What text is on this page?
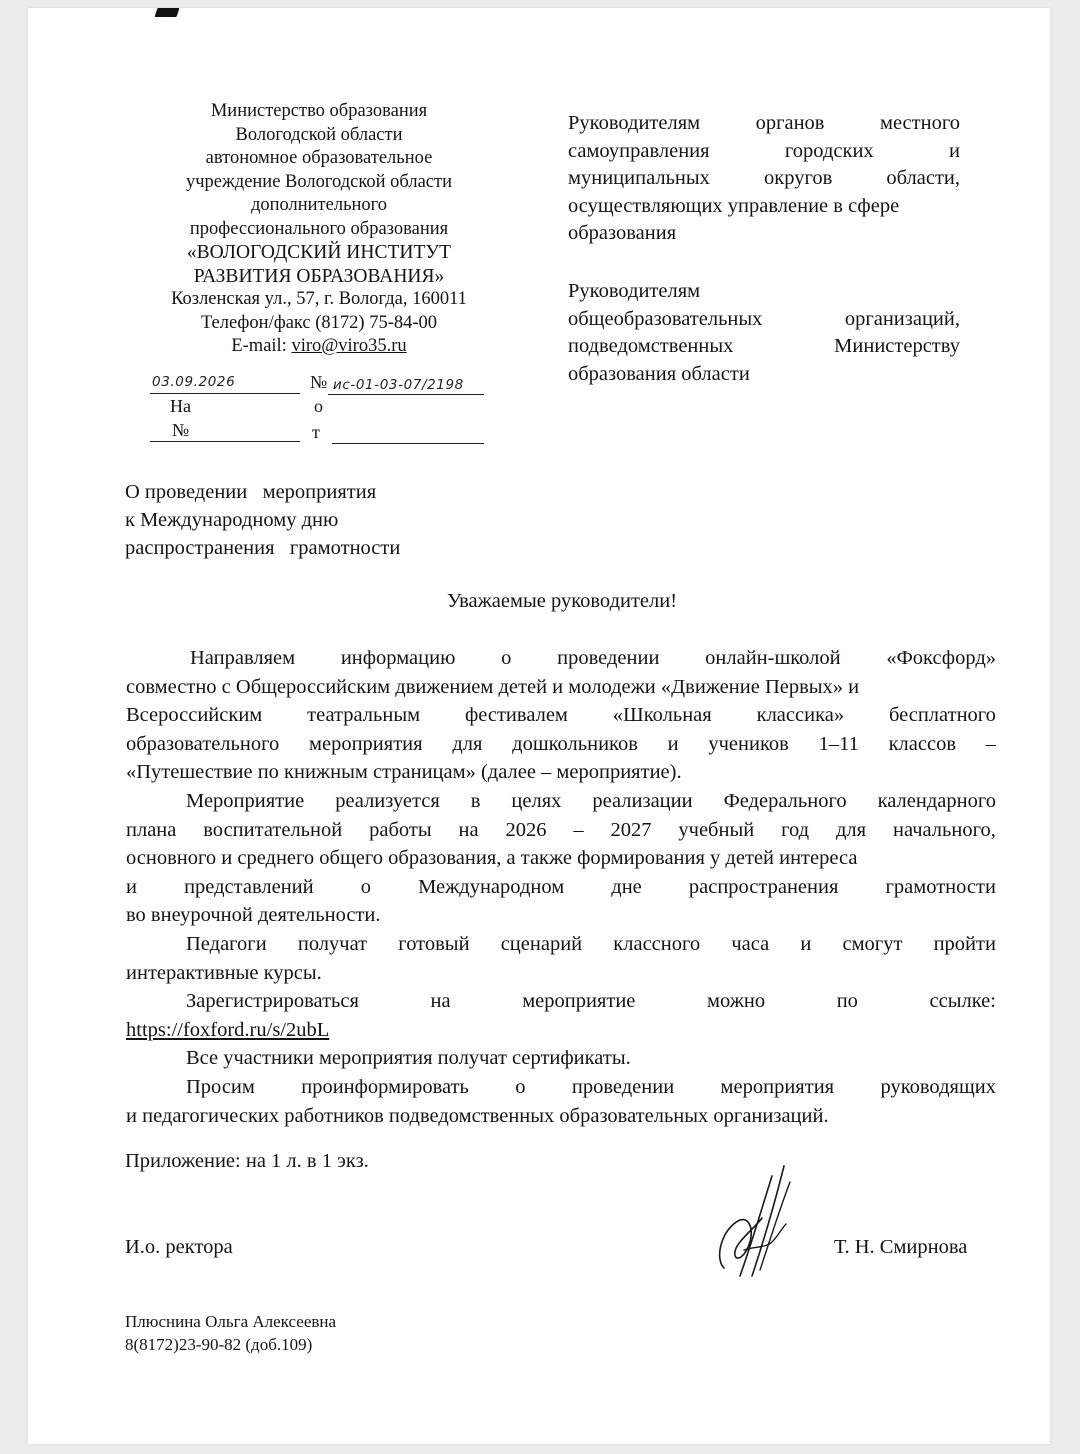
Министерство образования
Вологодской области
автономное образовательное
учреждение Вологодской области
дополнительного
профессионального образования
«ВОЛОГОДСКИЙ ИНСТИТУТ
РАЗВИТИЯ ОБРАЗОВАНИЯ»
Козленская ул., 57, г. Вологда, 160011
Телефон/факс (8172) 75-84-00
E-mail: viro@viro35.ru
03.09.2026	№ ис-01-03-07/2198
На	о
№	т
Руководителям	органов	местного
самоуправления	городских	и
муниципальных	округов	области,
осуществляющих управление в сфере
образования
Руководителям
общеобразовательных	организаций,
подведомственных	Министерству
образования области
О проведении   мероприятия
к Международному дню
распространения   грамотности
Уважаемые руководители!
Направляем информацию о проведении онлайн-школой «Фоксфорд»
совместно с Общероссийским движением детей и молодежи «Движение Первых» и
Всероссийским театральным фестивалем «Школьная классика» бесплатного
образовательного мероприятия для дошкольников и учеников 1–11 классов –
«Путешествие по книжным страницам» (далее – мероприятие).
Мероприятие реализуется в целях реализации Федерального календарного
плана воспитательной работы на 2026 – 2027 учебный год для начального,
основного и среднего общего образования, а также формирования у детей интереса
и представлений о Международном дне распространения грамотности
во внеурочной деятельности.
Педагоги получат готовый сценарий классного часа и смогут пройти
интерактивные курсы.
Зарегистрироваться	на	мероприятие	можно	по	ссылке:
https://foxford.ru/s/2ubL
Все участники мероприятия получат сертификаты.
Просим проинформировать о проведении мероприятия руководящих
и педагогических работников подведомственных образовательных организаций.
Приложение: на 1 л. в 1 экз.
И.о. ректора	Т. Н. Смирнова
Плюснина Ольга Алексеевна
8(8172)23-90-82 (доб.109)
